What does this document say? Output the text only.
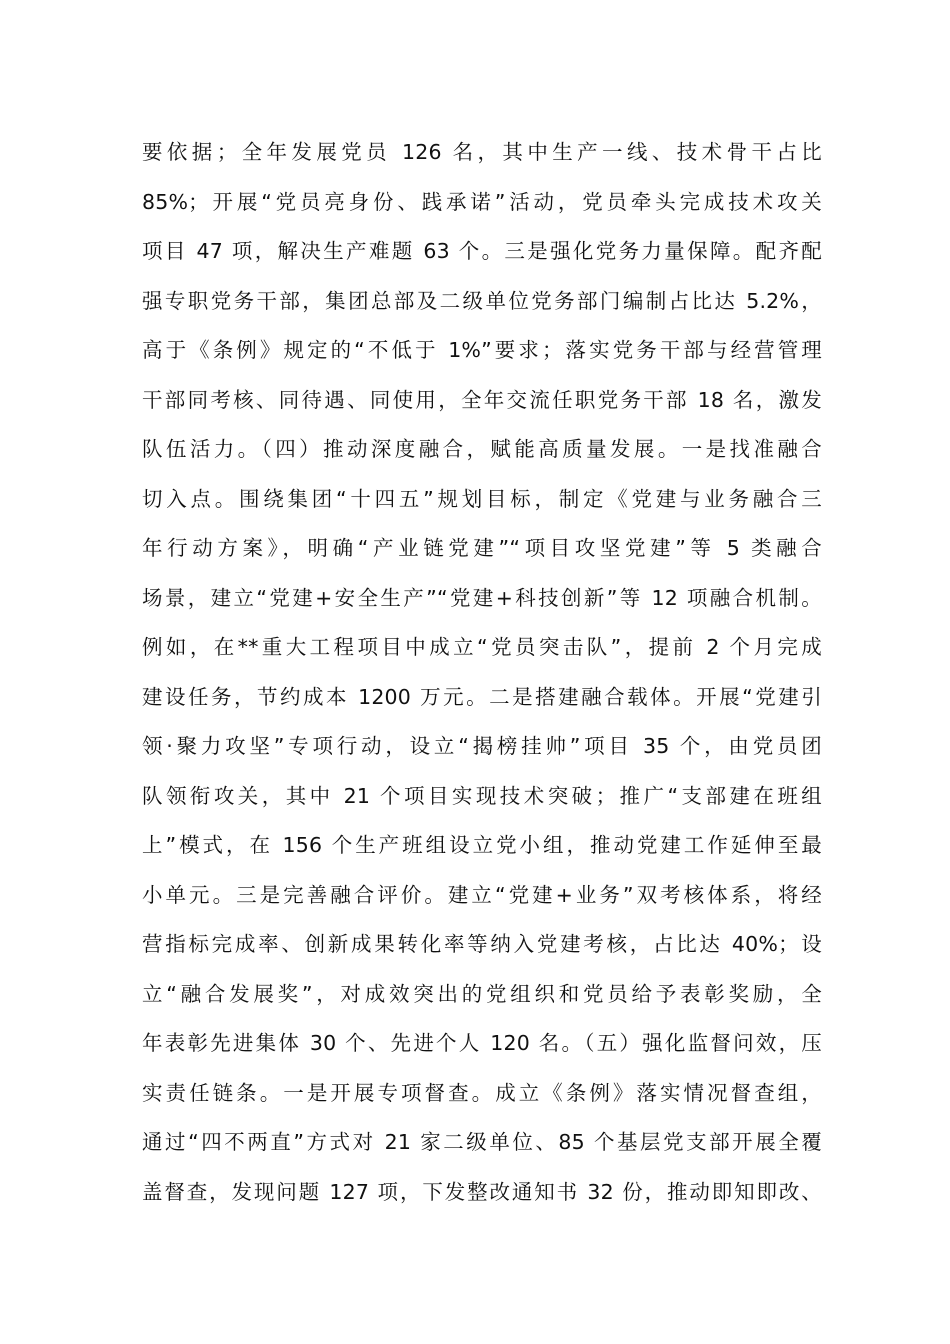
要依据；全年发展党员 126 名，其中生产一线、技术骨干占比
85%；开展“党员亮身份、践承诺”活动，党员牵头完成技术攻关
项目 47 项，解决生产难题 63 个。三是强化党务力量保障。配齐配
强专职党务干部，集团总部及二级单位党务部门编制占比达 5.2%，
高于《条例》规定的“不低于 1%”要求；落实党务干部与经营管理
干部同考核、同待遇、同使用，全年交流任职党务干部 18 名，激发
队伍活力。（四）推动深度融合，赋能高质量发展。一是找准融合
切入点。围绕集团“十四五”规划目标，制定《党建与业务融合三
年行动方案》，明确“产业链党建”“项目攻坚党建”等 5 类融合
场景，建立“党建+安全生产”“党建+科技创新”等 12 项融合机制。
例如，在**重大工程项目中成立“党员突击队”，提前 2 个月完成
建设任务，节约成本 1200 万元。二是搭建融合载体。开展“党建引
领·聚力攻坚”专项行动，设立“揭榜挂帅”项目 35 个，由党员团
队领衔攻关，其中 21 个项目实现技术突破；推广“支部建在班组
上”模式，在 156 个生产班组设立党小组，推动党建工作延伸至最
小单元。三是完善融合评价。建立“党建+业务”双考核体系，将经
营指标完成率、创新成果转化率等纳入党建考核，占比达 40%；设
立“融合发展奖”，对成效突出的党组织和党员给予表彰奖励，全
年表彰先进集体 30 个、先进个人 120 名。（五）强化监督问效，压
实责任链条。一是开展专项督查。成立《条例》落实情况督查组，
通过“四不两直”方式对 21 家二级单位、85 个基层党支部开展全覆
盖督查，发现问题 127 项，下发整改通知书 32 份，推动即知即改、
